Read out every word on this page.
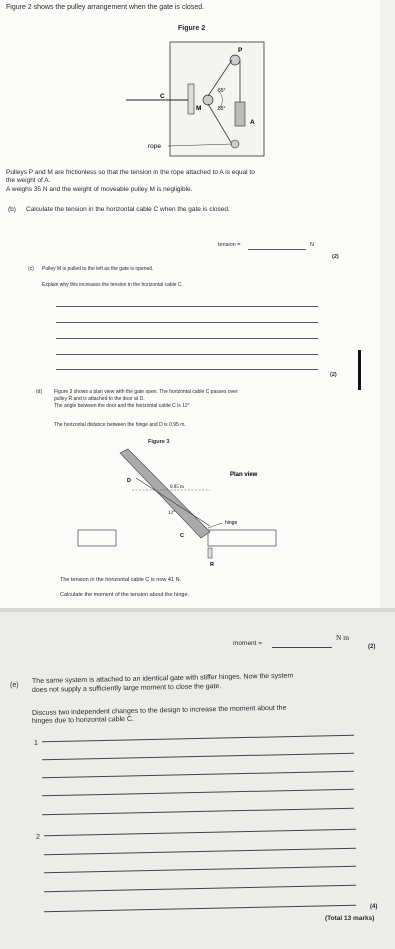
Figure 2 shows the pulley arrangement when the gate is closed.
Figure 2
P
C
M
A
rope
55°
55°
Pulleys P and M are frictionless so that the tension in the rope attached to A is equal to
the weight of A.
A weighs 35 N and the weight of moveable pulley M is negligible.
(b) Calculate the tension in the horizontal cable C when the gate is closed.
tension =	N
(2)
(c) Pulley M is pulled to the left as the gate is opened.
Explain why this increases the tension in the horizontal cable C.
(2)
(d) Figure 3 shows a plan view with the gate open. The horizontal cable C passes over
pulley R and is attached to the door at D.
The angle between the door and the horizontal cable C is 12°.
The horizontal distance between the hinge and D is 0.95 m.
Figure 3
Plan view
D
0.95 m
12°
hinge
C
R
The tension in the horizontal cable C is now 41 N.
Calculate the moment of the tension about the hinge.
moment =
N m
(2)
(e)
The same system is attached to an identical gate with stiffer hinges. Now the system
does not supply a sufficiently large moment to close the gate.
Discuss two independent changes to the design to increase the moment about the
hinges due to horizontal cable C.
1
2
(4)
(Total 13 marks)
